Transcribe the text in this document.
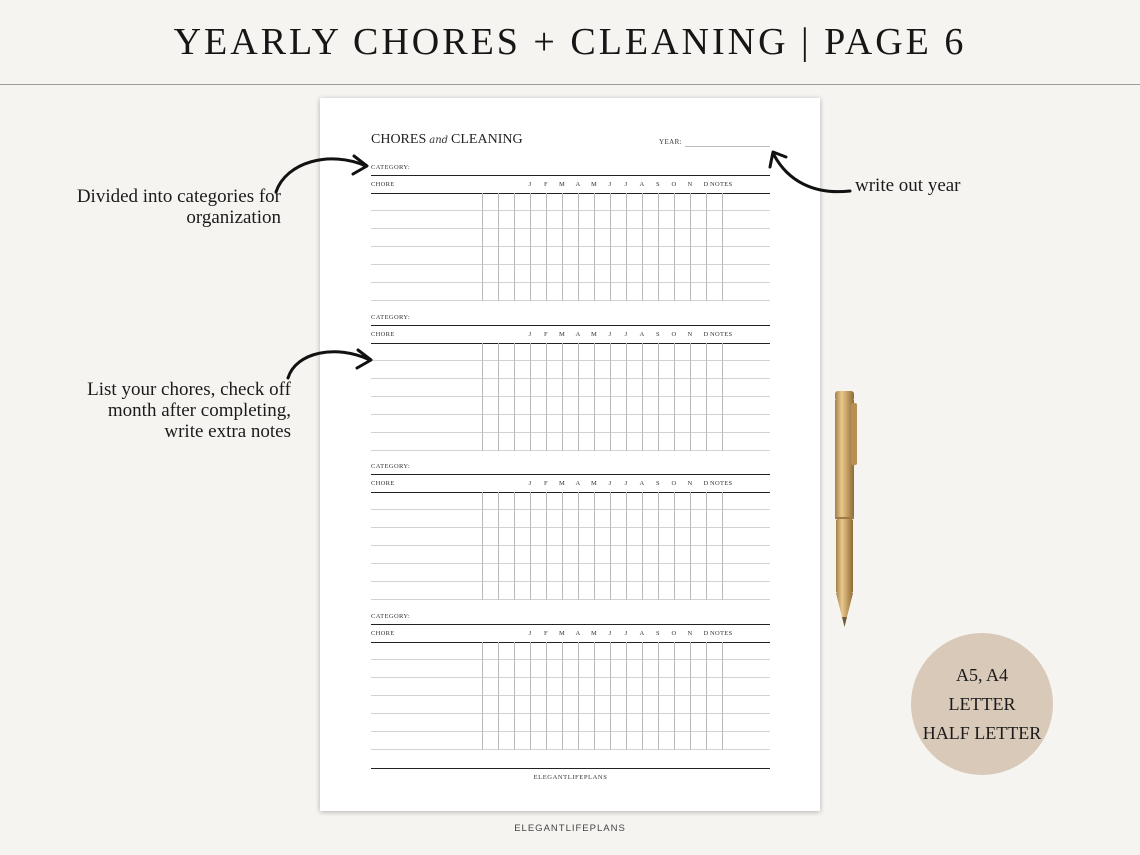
YEARLY CHORES + CLEANING | PAGE 6
CHORES and CLEANING	YEAR:
ELEGANTLIFEPLANS
CATEGORY:
CHORE	J	F	M	A	M	J	J	A	S	O	N	D NOTES
CATEGORY:
CHORE	J	F	M	A	M	J	J	A	S	O	N	D NOTES
CATEGORY:
CHORE	J	F	M	A	M	J	J	A	S	O	N	D NOTES
CATEGORY:
CHORE	J	F	M	A	M	J	J	A	S	O	N	D NOTES
Divided into categories for
organization
write out year
List your chores, check off
month after completing,
write extra notes
A5, A4
LETTER
HALF LETTER
ELEGANTLIFEPLANS
